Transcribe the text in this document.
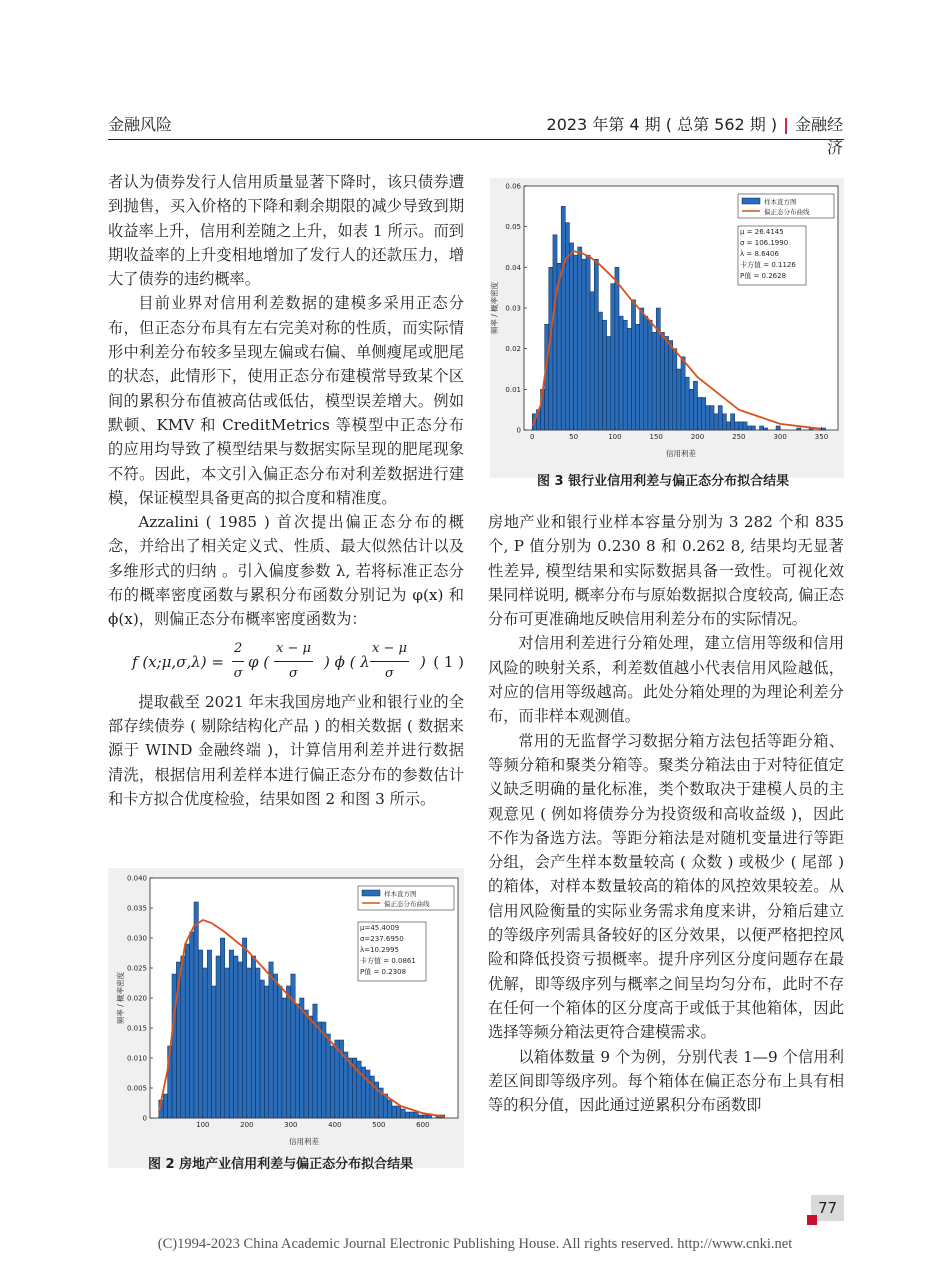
金融风险	2023 年第 4 期 ( 总第 562 期 ) | 金融经济

者认为债券发行人信用质量显著下降时，该只债券遭到抛售，买入价格的下降和剩余期限的减少导致到期收益率上升，信用利差随之上升，如表 1 所示。而到期收益率的上升变相地增加了发行人的还款压力，增大了债券的违约概率。

目前业界对信用利差数据的建模多采用正态分布，但正态分布具有左右完美对称的性质，而实际情形中利差分布较多呈现左偏或右偏、单侧瘦尾或肥尾的状态，此情形下，使用正态分布建模常导致某个区间的累积分布值被高估或低估，模型误差增大。例如默顿、KMV 和 CreditMetrics 等模型中正态分布的应用均导致了模型结果与数据实际呈现的肥尾现象不符。因此，本文引入偏正态分布对利差数据进行建模，保证模型具备更高的拟合度和精准度。

Azzalini ( 1985 ) 首次提出偏正态分布的概念，并给出了相关定义式、性质、最大似然估计以及多维形式的归纳 。引入偏度参数 λ, 若将标准正态分布的概率密度函数与累积分布函数分别记为 φ(x) 和 ϕ(x)，则偏正态分布概率密度函数为：

f (x;μ,σ,λ) = $\frac{2}{\sigma}$ φ ( $\frac{x - \mu}{\sigma}$ ) ϕ ( λ $\frac{x - \mu}{\sigma}$ ) ( 1 )

提取截至 2021 年末我国房地产业和银行业的全部存续债券 ( 剔除结构化产品 ) 的相关数据 ( 数据来源于 WIND 金融终端 )，计算信用利差并进行数据清洗，根据信用利差样本进行偏正态分布的参数估计和卡方拟合优度检验，结果如图 2 和图 3 所示。

房地产业和银行业样本容量分别为 3 282 个和 835 个, P 值分别为 0.230 8 和 0.262 8, 结果均无显著性差异, 模型结果和实际数据具备一致性。可视化效果同样说明, 概率分布与原始数据拟合度较高, 偏正态分布可更准确地反映信用利差分布的实际情况。

对信用利差进行分箱处理，建立信用等级和信用风险的映射关系，利差数值越小代表信用风险越低，对应的信用等级越高。此处分箱处理的为理论利差分布，而非样本观测值。

常用的无监督学习数据分箱方法包括等距分箱、等频分箱和聚类分箱等。聚类分箱法由于对特征值定义缺乏明确的量化标准，类个数取决于建模人员的主观意见 ( 例如将债券分为投资级和高收益级 )，因此不作为备选方法。等距分箱法是对随机变量进行等距分组，会产生样本数量较高 ( 众数 ) 或极少 ( 尾部 ) 的箱体，对样本数量较高的箱体的风控效果较差。从信用风险衡量的实际业务需求角度来讲，分箱后建立的等级序列需具备较好的区分效果，以便严格把控风险和降低投资亏损概率。提升序列区分度问题存在最优解，即等级序列与概率之间呈均匀分布，此时不存在任何一个箱体的区分度高于或低于其他箱体，因此选择等频分箱法更符合建模需求。

以箱体数量 9 个为例，分别代表 1—9 个信用利差区间即等级序列。每个箱体在偏正态分布上具有相等的积分值，因此通过逆累积分布函数即

0
0.005
0.010
0.015
0.020
0.025
0.030
0.035
0.040
100	200	300	400	500	600
信用利差
频率 / 概率密度
样本直方图
偏正态分布曲线
μ=45.4009
σ=237.6950
λ=10.2995
卡方值 = 0.0861
P值 = 0.2308
图 2 房地产业信用利差与偏正态分布拟合结果
0
0.01
0.02
0.03
0.04
0.05
0.06
0	50	100	150	200	250	300	350
信用利差
频率 / 概率密度
样本直方图
偏正态分布曲线
μ = 26.4145
σ = 106.1990
λ = 8.6406
卡方值 = 0.1126
P值 = 0.2628
图 3 银行业信用利差与偏正态分布拟合结果
77
(C)1994-2023 China Academic Journal Electronic Publishing House. All rights reserved. http://www.cnki.net
